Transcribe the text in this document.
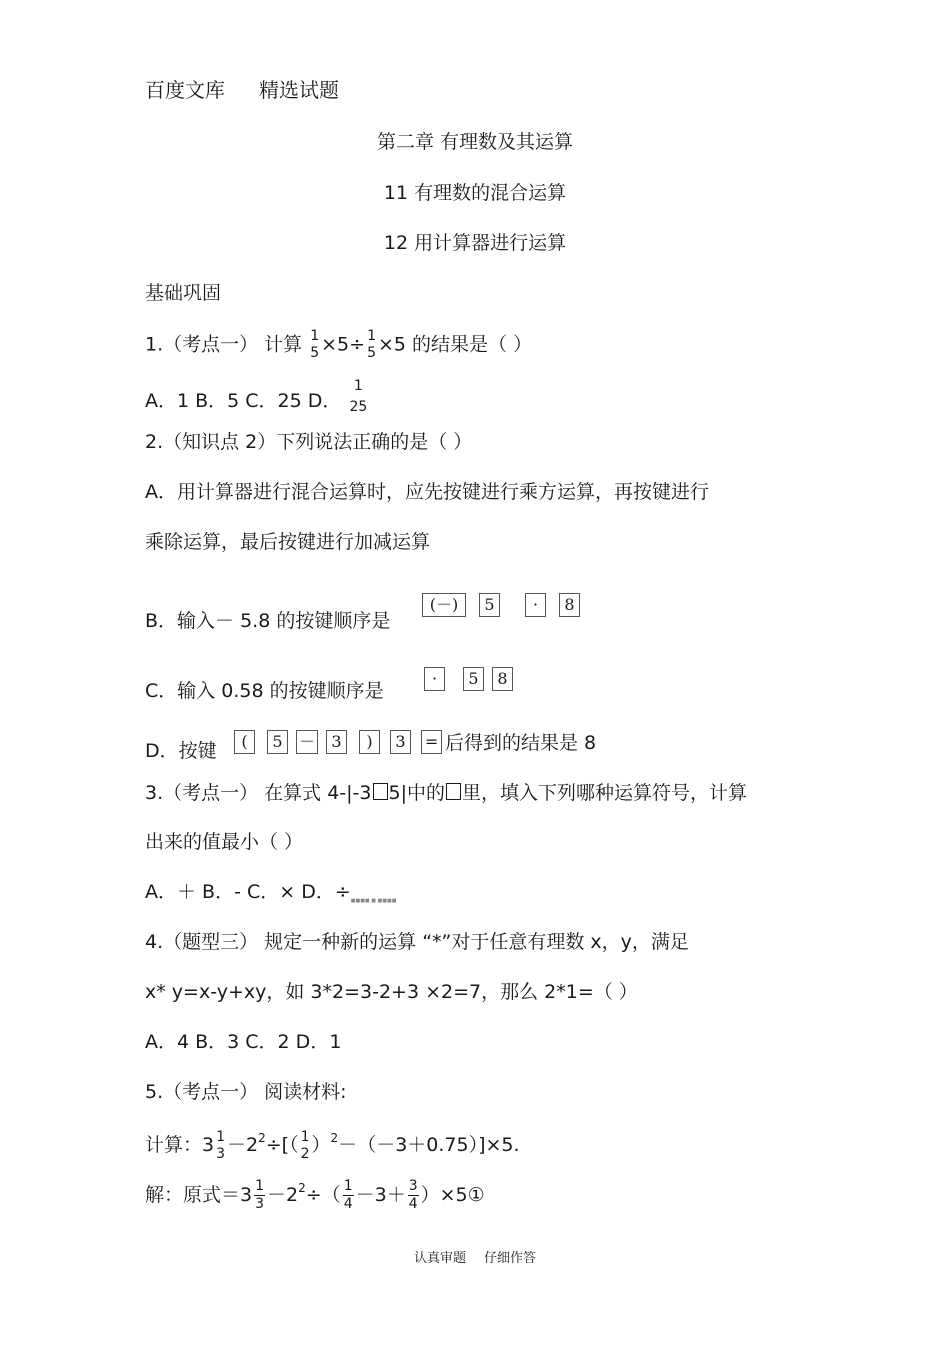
百度文库 精选试题
第二章 有理数及其运算
11 有理数的混合运算
12 用计算器进行运算
基础巩固
1.（考点一） 计算 1
5 ×5÷ 1
5 ×5 的结果是（ ）
A．1 B．5 C．25 D．
1
25
2.（知识点 2）下列说法正确的是（ ）
A．用计算器进行混合运算时，应先按键进行乘方运算，再按键进行
乘除运算，最后按键进行加减运算
B．输入－ 5.8 的按键顺序是
(－) 5 · 8
C．输入 0.58 的按键顺序是
· 5 8
D．按键	( 5 － 3 ) 3 = 后得到的结果是 8
3.（考点一） 在算式 4-|-3 5|中的 里，填入下列哪种运算符号，计算
出来的值最小（ ）
A．＋ B．- C．× D．$\div_{■■■■ ■ ■■■■}$
4.（题型三） 规定一种新的运算 “*”对于任意有理数 x，y，满足
x* y=x-y+xy，如 3*2=3-2+3 ×2=7，那么 2*1=（ ）
A．4 B．3 C．2 D．1
5.（考点一） 阅读材料:
计算：3 1
$3 -2^2\div$[（ 1
2 ）$^2$－（－3＋0.75）]×5.
解：原式$=3 \frac{1}{3} -2^2\div( \frac{1}{4} -3+ \frac{3}{4}$ ）×5①
认真审题 仔细作答
